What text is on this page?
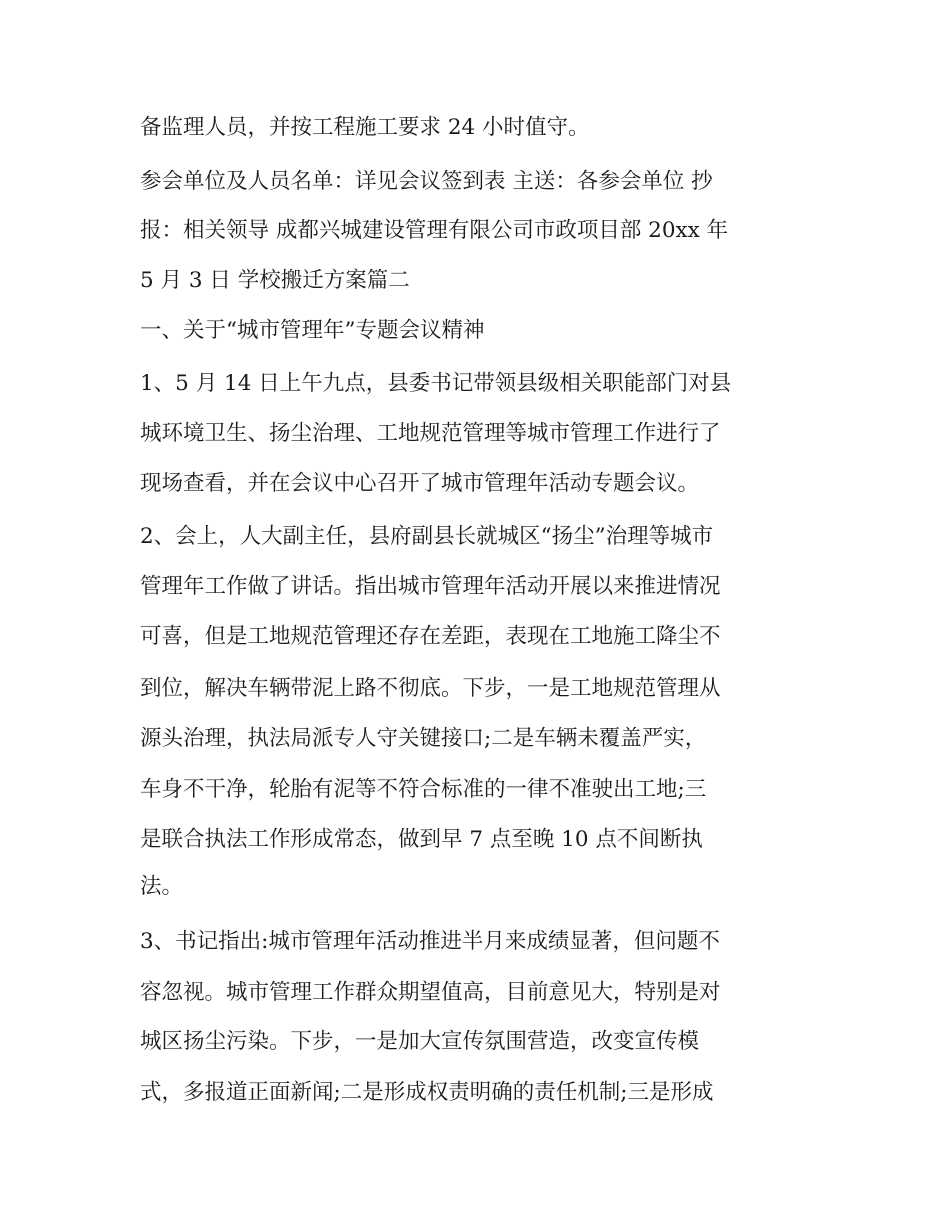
备监理人员，并按工程施工要求 24 小时值守。
参会单位及人员名单：详见会议签到表 主送：各参会单位 抄
报：相关领导 成都兴城建设管理有限公司市政项目部 20xx 年
5 月 3 日 学校搬迁方案篇二
一、关于“城市管理年”专题会议精神
1、5 月 14 日上午九点，县委书记带领县级相关职能部门对县
城环境卫生、扬尘治理、工地规范管理等城市管理工作进行了
现场查看，并在会议中心召开了城市管理年活动专题会议。
2、会上，人大副主任，县府副县长就城区“扬尘”治理等城市
管理年工作做了讲话。指出城市管理年活动开展以来推进情况
可喜，但是工地规范管理还存在差距，表现在工地施工降尘不
到位，解决车辆带泥上路不彻底。下步，一是工地规范管理从
源头治理，执法局派专人守关键接口;二是车辆未覆盖严实，
车身不干净，轮胎有泥等不符合标准的一律不准驶出工地;三
是联合执法工作形成常态，做到早 7 点至晚 10 点不间断执
法。
3、书记指出:城市管理年活动推进半月来成绩显著，但问题不
容忽视。城市管理工作群众期望值高，目前意见大，特别是对
城区扬尘污染。下步，一是加大宣传氛围营造，改变宣传模
式，多报道正面新闻;二是形成权责明确的责任机制;三是形成
